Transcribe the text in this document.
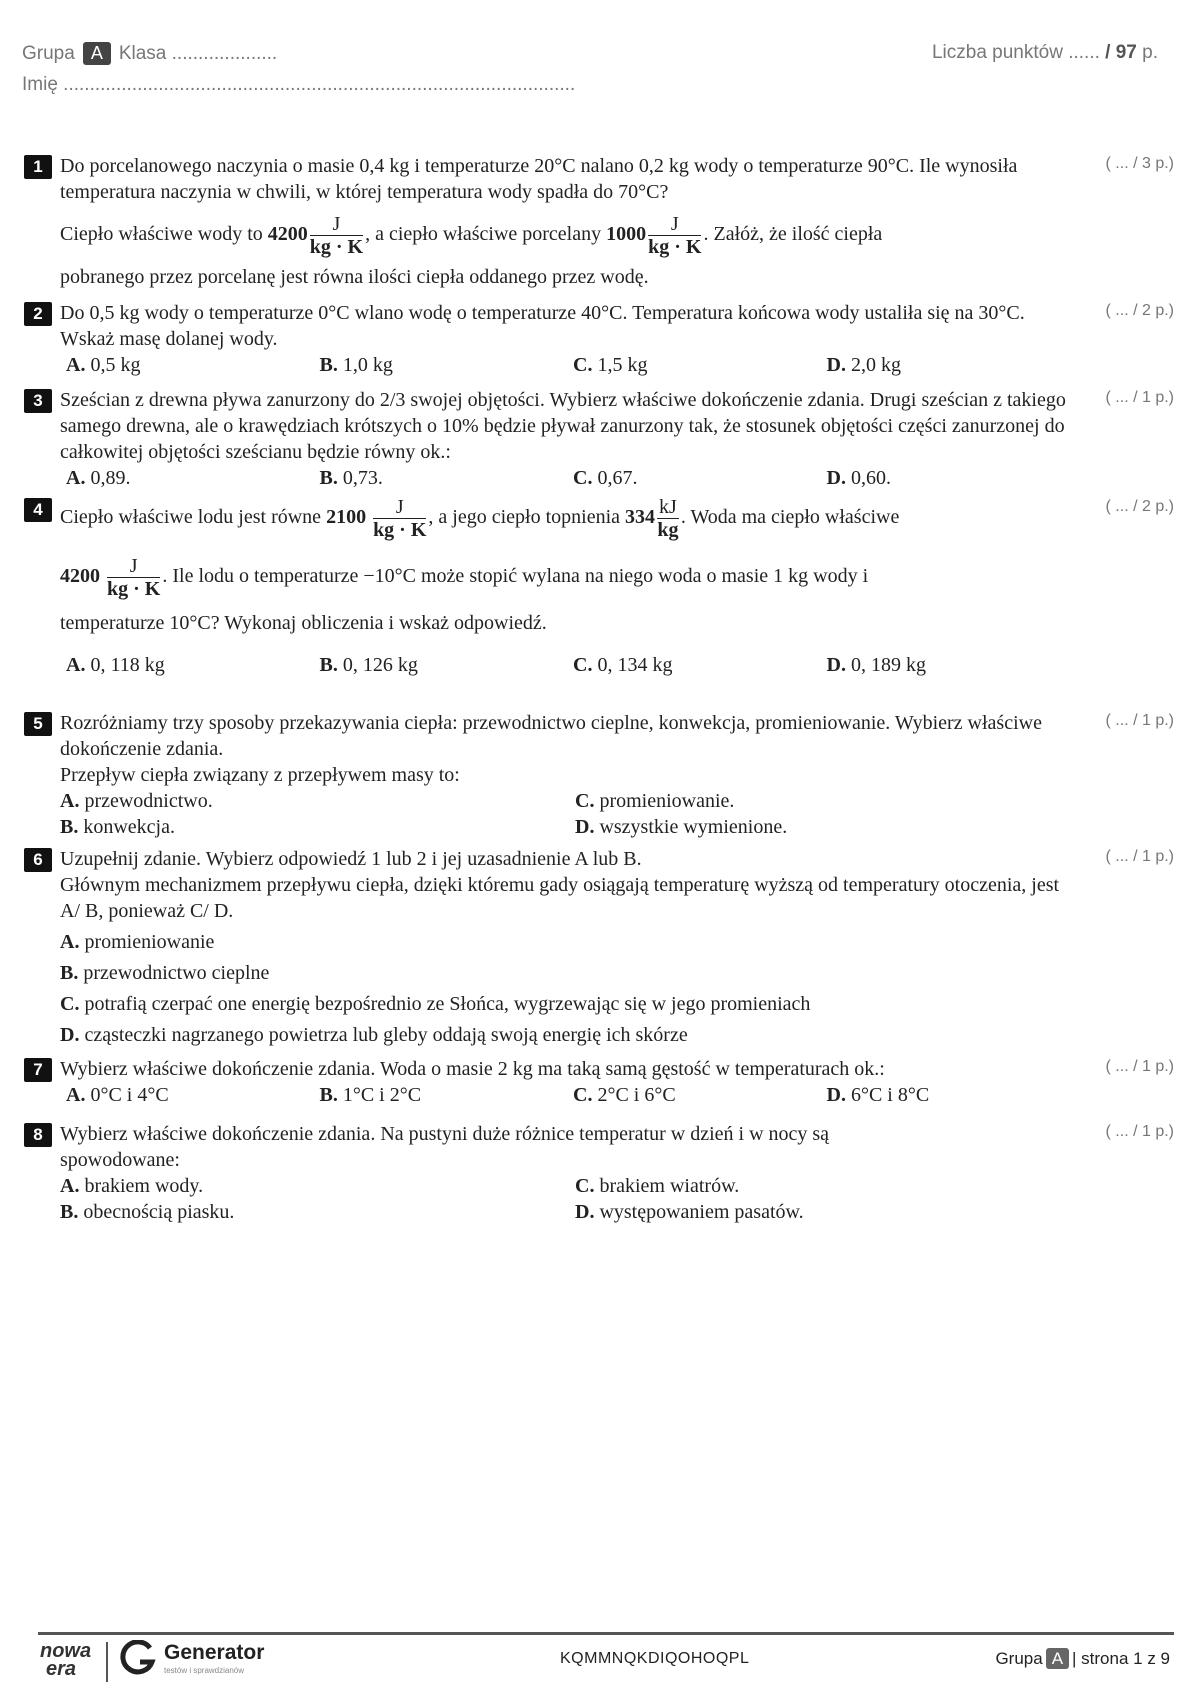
Grupa A Klasa ....................
Imię .................................................................................................
Liczba punktów ...... / 97 p.
1	( ... / 3 p.)
Do porcelanowego naczynia o masie 0,4 kg i temperaturze 20°C nalano 0,2 kg wody o temperaturze 90°C. Ile wynosiła temperatura naczynia w chwili, w której temperatura wody spadła do 70°C?
Ciepło właściwe wody to $4200 \frac{J}{kg \cdot K}$ , a ciepło właściwe porcelany $1000 \frac{J}{kg \cdot K}$ . Załóż, że ilość ciepła
pobranego przez porcelanę jest równa ilości ciepła oddanego przez wodę.
2	( ... / 2 p.)
Do 0,5 kg wody o temperaturze 0°C wlano wodę o temperaturze 40°C. Temperatura końcowa wody ustaliła się na 30°C. Wskaż masę dolanej wody.
A. 0,5 kg	B. 1,0 kg	C. 1,5 kg	D. 2,0 kg
3	( ... / 1 p.)
Sześcian z drewna pływa zanurzony do 2/3 swojej objętości. Wybierz właściwe dokończenie zdania. Drugi sześcian z takiego samego drewna, ale o krawędziach krótszych o 10% będzie pływał zanurzony tak, że stosunek objętości części zanurzonej do całkowitej objętości sześcianu będzie równy ok.:
A. 0,89.	B. 0,73.	C. 0,67.	D. 0,60.
4	( ... / 2 p.)
Ciepło właściwe lodu jest równe $2100 \frac{J}{kg \cdot K}$ , a jego ciepło topnienia $334 \frac{kJ}{kg}$ . Woda ma ciepło właściwe
$4200 \frac{J}{kg \cdot K}$ . Ile lodu o temperaturze −10°C może stopić wylana na niego woda o masie 1 kg wody i
temperaturze 10°C? Wykonaj obliczenia i wskaż odpowiedź.
A. 0, 118 kg	B. 0, 126 kg	C. 0, 134 kg	D. 0, 189 kg
5	( ... / 1 p.)
Rozróżniamy trzy sposoby przekazywania ciepła: przewodnictwo cieplne, konwekcja, promieniowanie. Wybierz właściwe dokończenie zdania.
Przepływ ciepła związany z przepływem masy to:
A. przewodnictwo.	C. promieniowanie.
B. konwekcja.	D. wszystkie wymienione.
6	( ... / 1 p.)
Uzupełnij zdanie. Wybierz odpowiedź 1 lub 2 i jej uzasadnienie A lub B.
Głównym mechanizmem przepływu ciepła, dzięki któremu gady osiągają temperaturę wyższą od temperatury otoczenia, jest A/ B, ponieważ C/ D.
A. promieniowanie
B. przewodnictwo cieplne
C. potrafią czerpać one energię bezpośrednio ze Słońca, wygrzewając się w jego promieniach
D. cząsteczki nagrzanego powietrza lub gleby oddają swoją energię ich skórze
7	( ... / 1 p.)
Wybierz właściwe dokończenie zdania. Woda o masie 2 kg ma taką samą gęstość w temperaturach ok.:
A. 0°C i 4°C	B. 1°C i 2°C	C. 2°C i 6°C	D. 6°C i 8°C
8	( ... / 1 p.)
Wybierz właściwe dokończenie zdania. Na pustyni duże różnice temperatur w dzień i w nocy są spowodowane:
A. brakiem wody.	C. brakiem wiatrów.
B. obecnością piasku.	D. występowaniem pasatów.
nowa
era
Generator
testów i sprawdzianów
KQMMNQKDIQOHOQPL	Grupa A | strona 1 z 9
